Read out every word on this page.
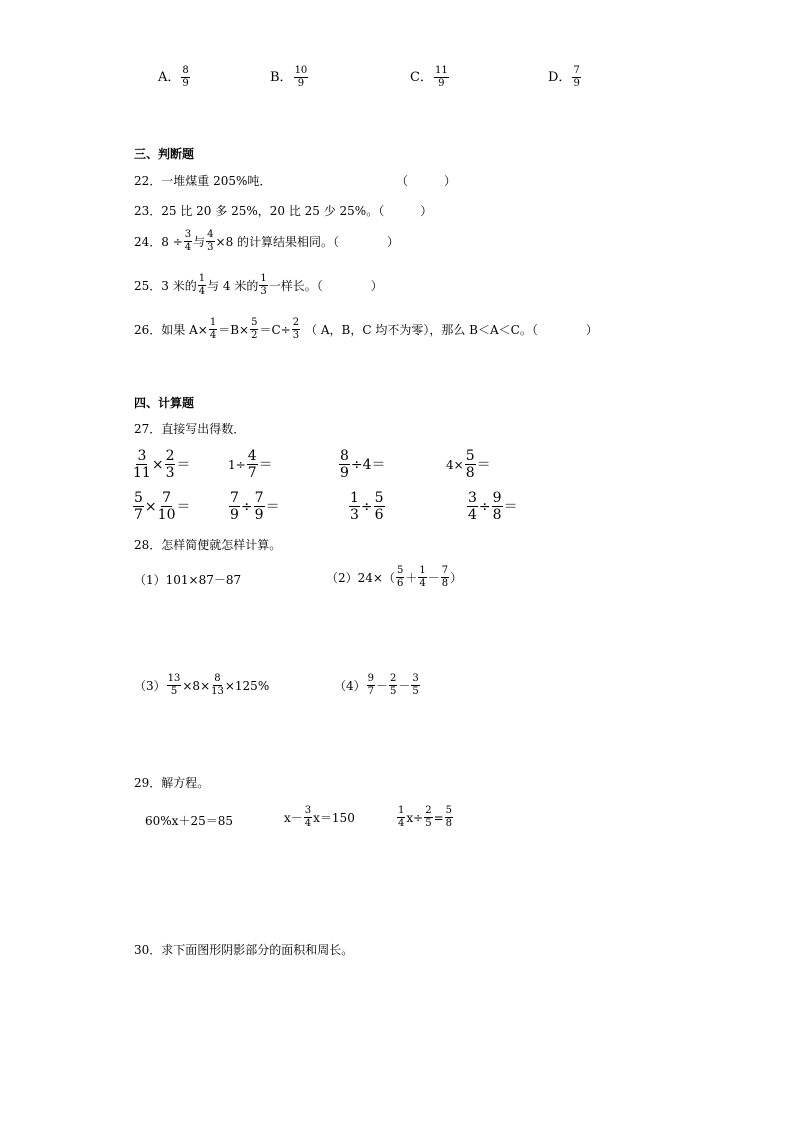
A． $\frac{8}{9}$	B． $\frac{10}{9}$	C． $\frac{11}{9}$	D． $\frac{7}{9}$
三、判断题
22．一堆煤重 205%吨．	（　　　）
23．25 比 20 多 25%，20 比 25 少 25%。（　　　）
24．$8 \div \frac{3}{4}$ 与 $\frac{4}{3} \times 8$ 的计算结果相同。（　　　　）
25．3 米的 $\frac{1}{4}$ 与 4 米的 $\frac{1}{3}$ 一样长。（　　　　）
26．如果 $A\times \frac{1}{4} =B\times \frac{5}{2} =C\div \frac{2}{3}$ （ A，B，C 均不为零），那么 B＜A＜C。（　　　　）
四、计算题
27．直接写出得数．
$\frac{3}{11} \times \frac{2}{3}$ ＝	$1\div \frac{4}{7}$ ＝	$\frac{8}{9} \div 4=$	$4\times \frac{5}{8}$ ＝
$\frac{5}{7} \times \frac{7}{10}$ ＝	$\frac{7}{9} \div \frac{7}{9}$ ＝	$\frac{1}{3} \div \frac{5}{6}$	$\frac{3}{4} \div \frac{9}{8}$ ＝
28．怎样简便就怎样计算。
（1）101×87－87	$(2)24\times( \frac{5}{6} + \frac{1}{4} - \frac{7}{8}$ ）
$(3) \frac{13}{5} \times 8\times \frac{8}{13} \times 125\%$	$(4) \frac{9}{7} - \frac{2}{5} - \frac{3}{5}$
29．解方程。
60%x＋25＝85	$x- \frac{3}{4} x=150$	$\frac{1}{4} x\div \frac{2}{5} = \frac{5}{8}$
30．求下面图形阴影部分的面积和周长。
